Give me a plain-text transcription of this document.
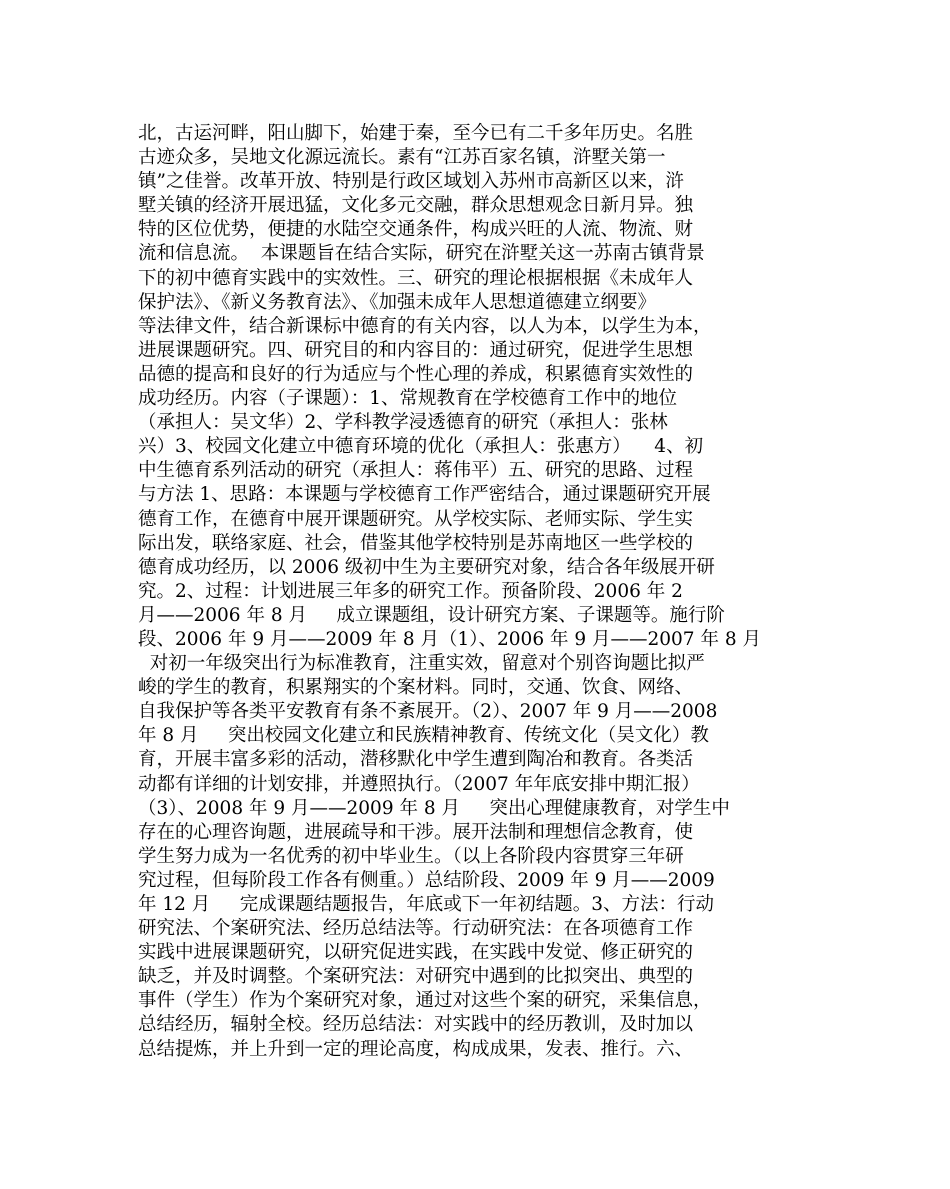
北，古运河畔，阳山脚下，始建于秦，至今已有二千多年历史。名胜
古迹众多，吴地文化源远流长。素有“江苏百家名镇，浒墅关第一
镇”之佳誉。改革开放、特别是行政区域划入苏州市高新区以来，浒
墅关镇的经济开展迅猛，文化多元交融，群众思想观念日新月异。独
特的区位优势，便捷的水陆空交通条件，构成兴旺的人流、物流、财
流和信息流。  本课题旨在结合实际，研究在浒墅关这一苏南古镇背景
下的初中德育实践中的实效性。三、研究的理论根据根据《未成年人
保护法》、《新义务教育法》、《加强未成年人思想道德建立纲要》
等法律文件，结合新课标中德育的有关内容，以人为本，以学生为本，
进展课题研究。四、研究目的和内容目的：通过研究，促进学生思想
品德的提高和良好的行为适应与个性心理的养成，积累德育实效性的
成功经历。内容（子课题）：1、常规教育在学校德育工作中的地位
（承担人：吴文华）2、学科教学浸透德育的研究（承担人：张林
兴）3、校园文化建立中德育环境的优化（承担人：张惠方）    4、初
中生德育系列活动的研究（承担人：蒋伟平）五、研究的思路、过程
与方法 1、思路：本课题与学校德育工作严密结合，通过课题研究开展
德育工作，在德育中展开课题研究。从学校实际、老师实际、学生实
际出发，联络家庭、社会，借鉴其他学校特别是苏南地区一些学校的
德育成功经历，以 2006 级初中生为主要研究对象，结合各年级展开研
究。2、过程：计划进展三年多的研究工作。预备阶段、2006 年 2
月——2006 年 8 月     成立课题组，设计研究方案、子课题等。施行阶
段、2006 年 9 月——2009 年 8 月（1）、2006 年 9 月——2007 年 8 月
对初一年级突出行为标准教育，注重实效，留意对个别咨询题比拟严
峻的学生的教育，积累翔实的个案材料。同时，交通、饮食、网络、
自我保护等各类平安教育有条不紊展开。（2）、2007 年 9 月——2008
年 8 月     突出校园文化建立和民族精神教育、传统文化（吴文化）教
育，开展丰富多彩的活动，潜移默化中学生遭到陶冶和教育。各类活
动都有详细的计划安排，并遵照执行。（2007 年年底安排中期汇报）
（3）、2008 年 9 月——2009 年 8 月     突出心理健康教育，对学生中
存在的心理咨询题，进展疏导和干涉。展开法制和理想信念教育，使
学生努力成为一名优秀的初中毕业生。（以上各阶段内容贯穿三年研
究过程，但每阶段工作各有侧重。）总结阶段、2009 年 9 月——2009
年 12 月     完成课题结题报告，年底或下一年初结题。3、方法：行动
研究法、个案研究法、经历总结法等。行动研究法：在各项德育工作
实践中进展课题研究，以研究促进实践，在实践中发觉、修正研究的
缺乏，并及时调整。个案研究法：对研究中遇到的比拟突出、典型的
事件（学生）作为个案研究对象，通过对这些个案的研究，采集信息，
总结经历，辐射全校。经历总结法：对实践中的经历教训，及时加以
总结提炼，并上升到一定的理论高度，构成成果，发表、推行。六、
